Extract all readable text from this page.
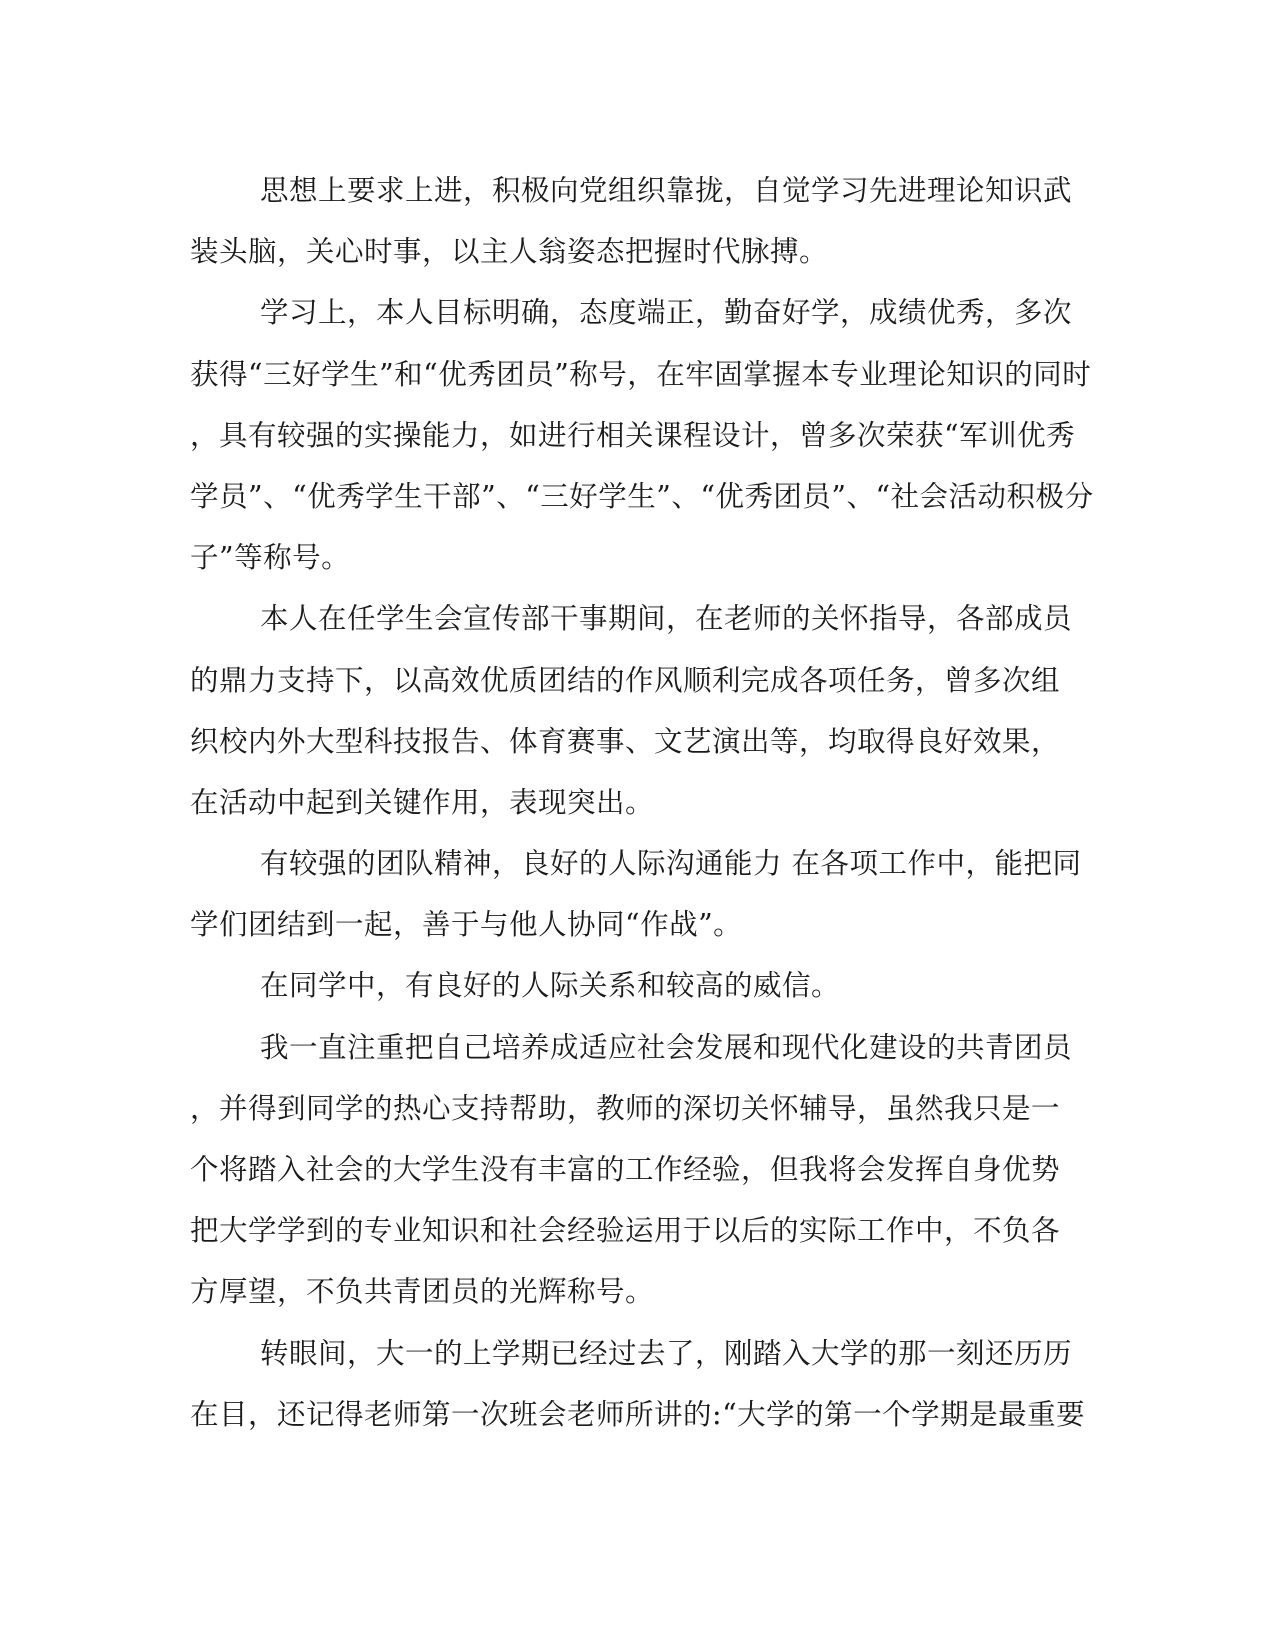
思想上要求上进，积极向党组织靠拢，自觉学习先进理论知识武
装头脑，关心时事，以主人翁姿态把握时代脉搏。
学习上，本人目标明确，态度端正，勤奋好学，成绩优秀，多次
获得“三好学生”和“优秀团员”称号，在牢固掌握本专业理论知识的同时
，具有较强的实操能力，如进行相关课程设计，曾多次荣获“军训优秀
学员”、“优秀学生干部”、“三好学生”、“优秀团员”、“社会活动积极分
子”等称号。
本人在任学生会宣传部干事期间，在老师的关怀指导，各部成员
的鼎力支持下，以高效优质团结的作风顺利完成各项任务，曾多次组
织校内外大型科技报告、体育赛事、文艺演出等，均取得良好效果，
在活动中起到关键作用，表现突出。
有较强的团队精神，良好的人际沟通能力 在各项工作中，能把同
学们团结到一起，善于与他人协同“作战”。
在同学中，有良好的人际关系和较高的威信。
我一直注重把自己培养成适应社会发展和现代化建设的共青团员
，并得到同学的热心支持帮助，教师的深切关怀辅导，虽然我只是一
个将踏入社会的大学生没有丰富的工作经验，但我将会发挥自身优势
把大学学到的专业知识和社会经验运用于以后的实际工作中，不负各
方厚望，不负共青团员的光辉称号。
转眼间，大一的上学期已经过去了，刚踏入大学的那一刻还历历
在目，还记得老师第一次班会老师所讲的:“大学的第一个学期是最重要
